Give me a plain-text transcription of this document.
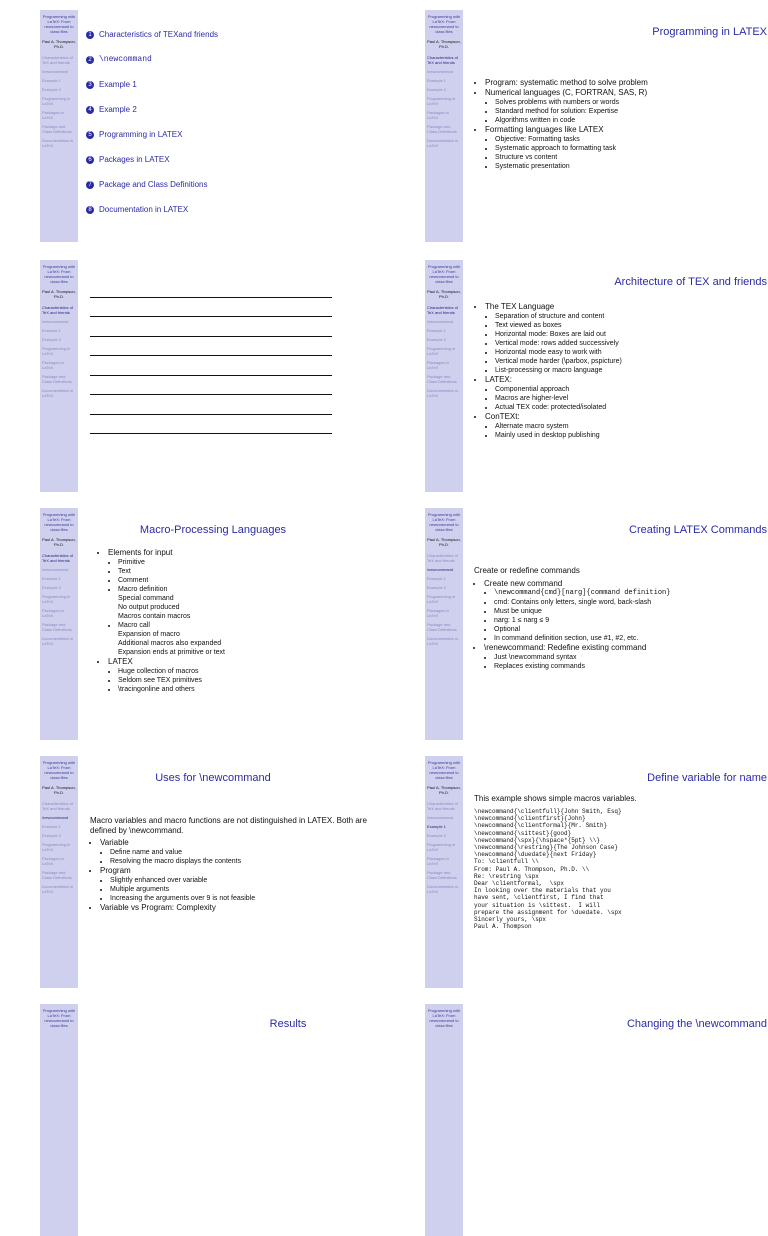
Programming with LaTeX: From newcommand to class files
Paul A. Thompson, Ph.D.
Characteristics of TeX and friends
\newcommand
Example 1
Example 2
Programming in LaTeX
Packages in LaTeX
Package and Class Definitions
Documentation in LaTeX
1 Characteristics of TEXand friends
2 \newcommand
3 Example 1
4 Example 2
5 Programming in LATEX
6 Packages in LATEX
7 Package and Class Definitions
8 Documentation in LATEX
Programming with LaTeX: From newcommand to class files
Paul A. Thompson, Ph.D.
Characteristics of TeX and friends
\newcommand
Example 1
Example 2
Programming in LaTeX
Packages in LaTeX
Package and Class Definitions
Documentation in LaTeX
Programming in LATEX
• Program: systematic method to solve problem
• Numerical languages (C, FORTRAN, SAS, R)
• Solves problems with numbers or words
• Standard method for solution: Expertise
• Algorithms written in code
• Formatting languages like LATEX
• Objective: Formatting tasks
• Systematic approach to formatting task
• Structure vs content
• Systematic presentation
Programming with LaTeX: From newcommand to class files
Paul A. Thompson, Ph.D.
Characteristics of TeX and friends
\newcommand
Example 1
Example 2
Programming in LaTeX
Packages in LaTeX
Package and Class Definitions
Documentation in LaTeX
Programming with LaTeX: From newcommand to class files
Paul A. Thompson, Ph.D.
Characteristics of TeX and friends
\newcommand
Example 1
Example 2
Programming in LaTeX
Packages in LaTeX
Package and Class Definitions
Documentation in LaTeX
Architecture of TEX and friends
• The TEX Language
• Separation of structure and content
• Text viewed as boxes
• Horizontal mode: Boxes are laid out
• Vertical mode: rows added successively
• Horizontal mode easy to work with
• Vertical mode harder (\parbox, pspicture)
• List-processing or macro language
• LATEX:
• Componential approach
• Macros are higher-level
• Actual TEX code: protected/isolated
• ConTEXt:
• Alternate macro system
• Mainly used in desktop publishing
Programming with LaTeX: From newcommand to class files
Paul A. Thompson, Ph.D.
Characteristics of TeX and friends
\newcommand
Example 1
Example 2
Programming in LaTeX
Packages in LaTeX
Package and Class Definitions
Documentation in LaTeX
Macro-Processing Languages
• Elements for input
• Primitive
• Text
• Comment
• Macro definition
Special command
No output produced
Macros contain macros
• Macro call
Expansion of macro
Additional macros also expanded
Expansion ends at primitive or text
• LATEX
• Huge collection of macros
• Seldom see TEX primitives
• \tracingonline and others
Programming with LaTeX: From newcommand to class files
Paul A. Thompson, Ph.D.
Characteristics of TeX and friends
\newcommand
Example 1
Example 2
Programming in LaTeX
Packages in LaTeX
Package and Class Definitions
Documentation in LaTeX
Creating LATEX Commands
Create or redefine commands
• Create new command
• \newcommand{cmd}[narg]{command definition}
• cmd: Contains only letters, single word, back-slash
• Must be unique
• narg: 1 ≤ narg ≤ 9
• Optional
• In command definition section, use #1, #2, etc.
• \renewcommand: Redefine existing command
• Just \newcommand syntax
• Replaces existing commands
Programming with LaTeX: From newcommand to class files
Paul A. Thompson, Ph.D.
Characteristics of TeX and friends
\newcommand
Example 1
Example 2
Programming in LaTeX
Packages in LaTeX
Package and Class Definitions
Documentation in LaTeX
Uses for \newcommand
Macro variables and macro functions are not distinguished in LATEX. Both are defined by \newcommand.
• Variable
• Define name and value
• Resolving the macro displays the contents
• Program
• Slightly enhanced over variable
• Multiple arguments
• Increasing the arguments over 9 is not feasible
• Variable vs Program: Complexity
Programming with LaTeX: From newcommand to class files
Paul A. Thompson, Ph.D.
Characteristics of TeX and friends
\newcommand
Example 1
Example 2
Programming in LaTeX
Packages in LaTeX
Package and Class Definitions
Documentation in LaTeX
Define variable for name
This example shows simple macros variables.
\newcommand{\clientfull}{John Smith, Esq}
\newcommand{\clientfirst}{John}
\newcommand{\clientformal}{Mr. Smith}
\newcommand{\sittest}{good}
\newcommand{\spx}{\hspace*{5pt} \\}
\newcommand{\restring}{The Johnson Case}
\newcommand{\duedate}{next Friday}
To: \clientfull \\
From: Paul A. Thompson, Ph.D. \\
Re: \restring \spx
Dear \clientformal,  \spx
In looking over the materials that you
have sent, \clientfirst, I find that
your situation is \sittest.  I will
prepare the assignment for \duedate. \spx
Sincerly yours, \spx
Paul A. Thompson
Programming with LaTeX: From newcommand to class files	Results
Programming with LaTeX: From newcommand to class files	Changing the \newcommand
